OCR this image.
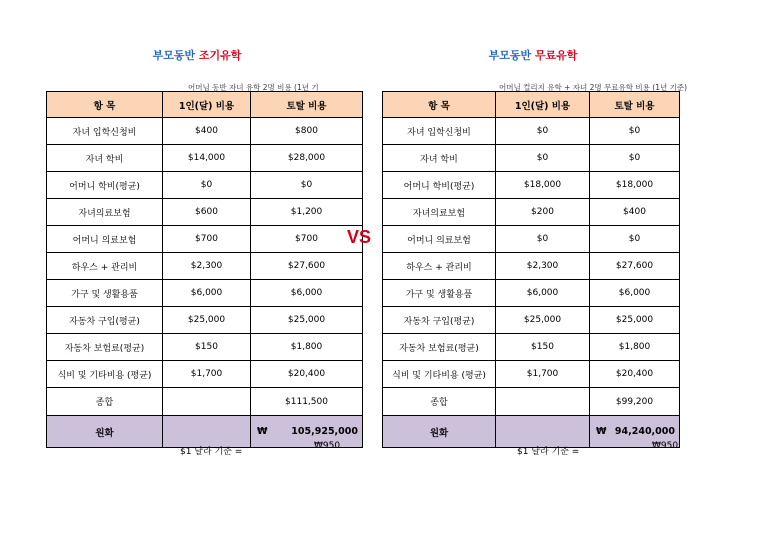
부모동반 조기유학
어머님 동반 자녀 유학 2명 비용 (1년 기
항 목	1인(달) 비용	토탈 비용
자녀 입학신청비	$400	$800
자녀 학비	$14,000	$28,000
어머니 학비(평균)	$0	$0
자녀의료보험	$600	$1,200
어머니 의료보험	$700	$700
하우스 + 관리비	$2,300	$27,600
가구 및 생활용품	$6,000	$6,000
자동차 구입(평균)	$25,000	$25,000
자동차 보험료(평균)	$150	$1,800
식비 및 기타비용 (평균)	$1,700	$20,400
종합		$111,500
원화		₩ 105,925,000
$1 달라 기준 =
₩950
VS
부모동반 무료유학
어머님 컬리지 유학 + 자녀 2명 무료유학 비용 (1년 기준)
항 목	1인(달) 비용	토탈 비용
자녀 입학신청비	$0	$0
자녀 학비	$0	$0
어머니 학비(평균)	$18,000	$18,000
자녀의료보험	$200	$400
어머니 의료보험	$0	$0
하우스 + 관리비	$2,300	$27,600
가구 및 생활용품	$6,000	$6,000
자동차 구입(평균)	$25,000	$25,000
자동차 보험료(평균)	$150	$1,800
식비 및 기타비용 (평균)	$1,700	$20,400
종합		$99,200
원화		₩ 94,240,000
$1 달라 기준 =
₩950
